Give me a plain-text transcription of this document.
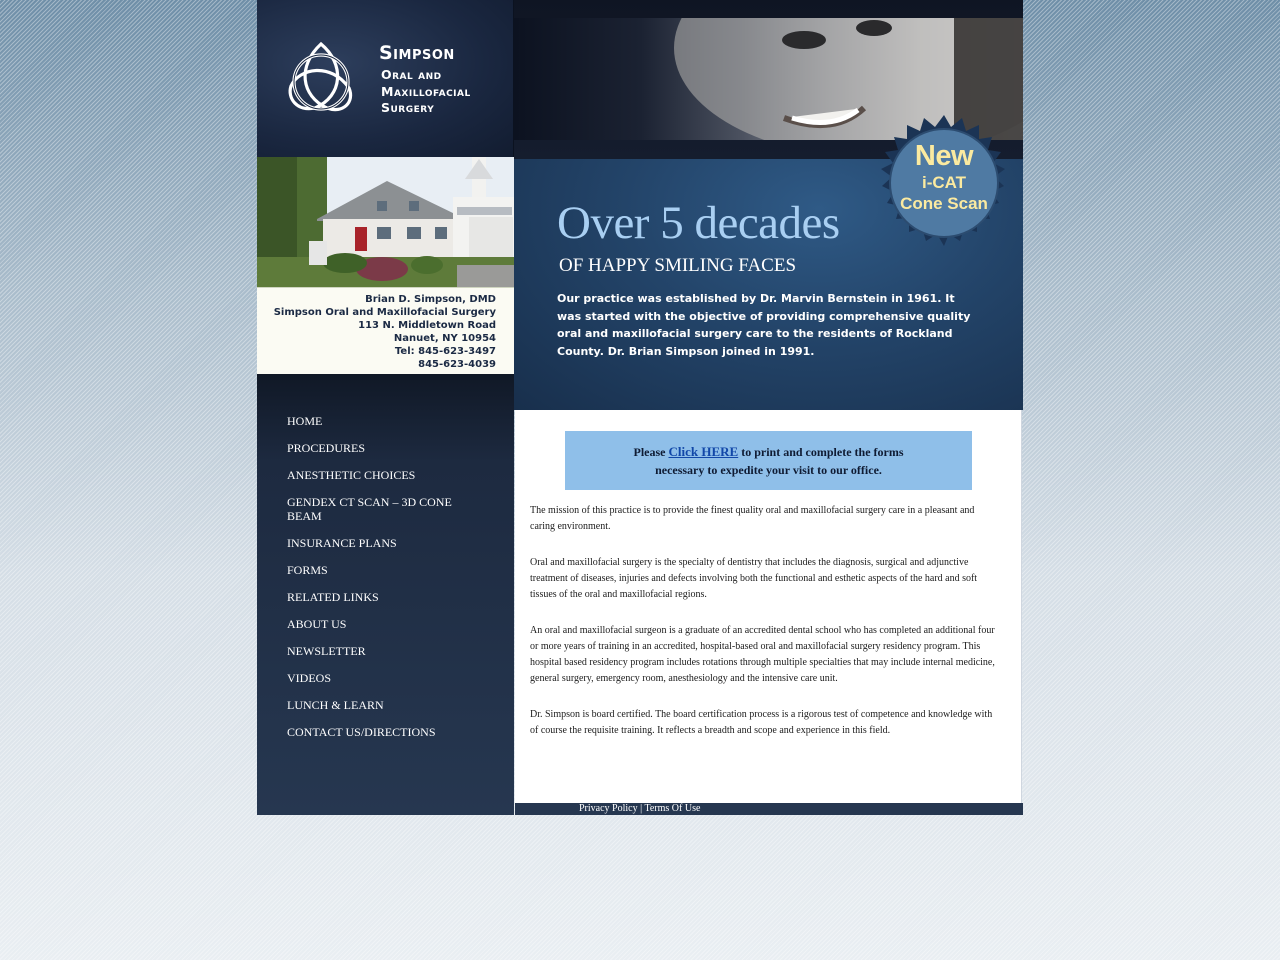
Simpson
Oral and
Maxillofacial
Surgery
Brian D. Simpson, DMD
Simpson Oral and Maxillofacial Surgery
113 N. Middletown Road
Nanuet, NY 10954
Tel: 845-623-3497
845-623-4039
HOME
PROCEDURES
ANESTHETIC CHOICES
GENDEX CT SCAN – 3D CONE BEAM
INSURANCE PLANS
FORMS
RELATED LINKS
ABOUT US
NEWSLETTER
VIDEOS
LUNCH & LEARN
CONTACT US/DIRECTIONS
Over 5 decades
OF HAPPY SMILING FACES
Our practice was established by Dr. Marvin Bernstein in 1961. It was started with the objective of providing comprehensive quality oral and maxillofacial surgery care to the residents of Rockland County. Dr. Brian Simpson joined in 1991.
New
i-CAT
Cone Scan
Please Click HERE to print and complete the forms
necessary to expedite your visit to our office.

The mission of this practice is to provide the finest quality oral and maxillofacial surgery care in a pleasant and caring environment.

Oral and maxillofacial surgery is the specialty of dentistry that includes the diagnosis, surgical and adjunctive treatment of diseases, injuries and defects involving both the functional and esthetic aspects of the hard and soft tissues of the oral and maxillofacial regions.

An oral and maxillofacial surgeon is a graduate of an accredited dental school who has completed an additional four or more years of training in an accredited, hospital-based oral and maxillofacial surgery residency program. This hospital based residency program includes rotations through multiple specialties that may include internal medicine, general surgery, emergency room, anesthesiology and the intensive care unit.

Dr. Simpson is board certified. The board certification process is a rigorous test of competence and knowledge with of course the requisite training. It reflects a breadth and scope and experience in this field.

Privacy Policy | Terms Of Use
